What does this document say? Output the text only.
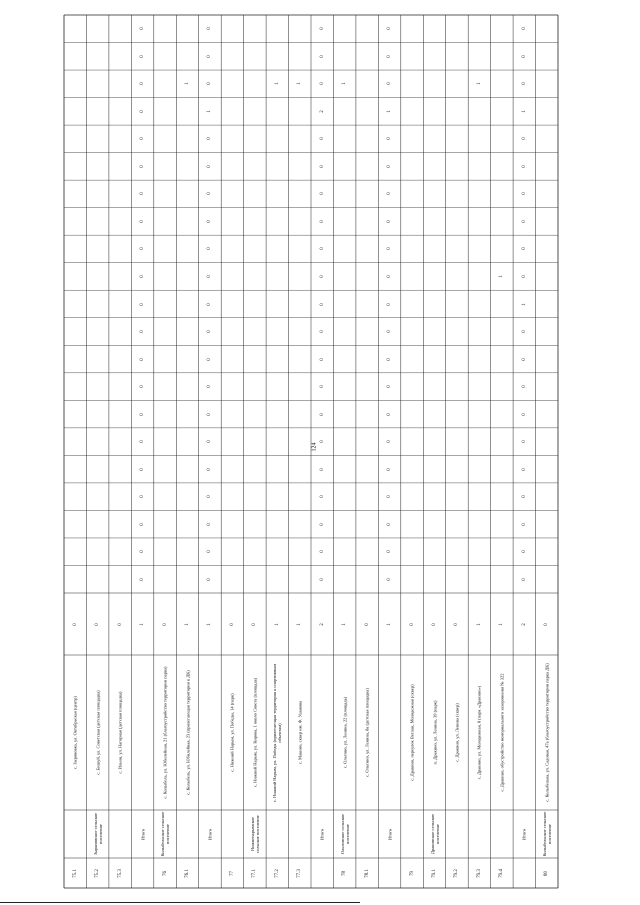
75.1
с. Зыряновка, ул. Октябрьская (центр)
0
75.2
Зыряновское сельское поселение
с. Бишуй, ул. Советская (детская площадка)
0
75.3
с. Ильин, ул. Нагорная (детская площадка)
0
Итого
1
0
0
0
0
0
0
0
0
0
0
0
0
0
0
0
0
0
0
0
0
0
76
Колыбельское сельское поселение
с. Колыбель, ул. Юбилейная, 21 (благоустройство территории парка)
0
76.1
с. Колыбель, ул. Юбилейная, 23 (прилегающая территория к ДК)
1
1
Итого
1
0
0
0
0
0
0
0
0
0
0
0
0
0
0
0
0
0
1
0
0
0
77
с. Нижний Нарым, ул. Победы, 14 (парк)
0
77.1
Нижненарымское сельское поселение
с. Нижний Нарым, ул. Кирова, 1 около Совета (площадь)
0
77.2
с. Нижний Нарым, ул. Победы (прилегающая территория к спортивным объектам)
1
1
77.3
с. Макино, сквер им. Ф. Ушакова
1
1
Итого
2
0
0
0
0
0
0
0
0
0
0
0
0
0
0
0
0
0
2
0
0
0
78
Ольгинское сельское поселение
с. Ольгино, ул. Ленина, 22 (площадь)
1
1
78.1
с. Ольгино, ул. Ленина, 8а (детская площадка)
0
Итого
1
0
0
0
0
0
0
0
0
0
0
0
0
0
0
0
0
0
1
0
0
0
79
с. Дракино, переулок Ветлан, Молодежная (сквер)
0
79.1
Дракинское сельское поселение
п. Дракино, ул. Ленина, 39 (парк)
0
79.2
с. Дракино, ул. Ленина (сквер)
0
79.3
с. Дракино, ул. Молодежная, 8 (парк «Дракино»)
1
1
79.4
с. Дракино, обустройство мемориального захоронения № 322
1
1
Итого
2
0
0
0
0
0
0
0
0
0
0
1
0
0
0
0
0
0
1
0
0
0
80
Колыбельское сельское поселение
с. Колыбелька, ул. Садовая, 47а (благоустройство территории парка ДК)
0
124
